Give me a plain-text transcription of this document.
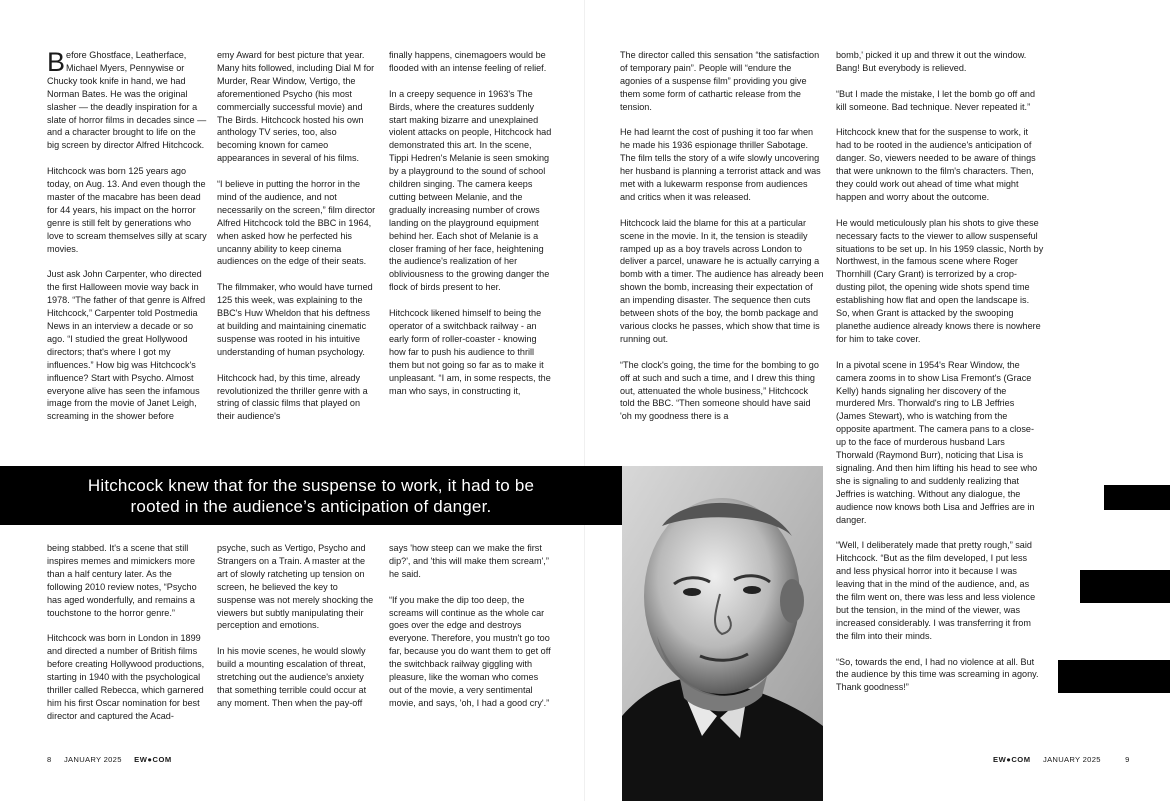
Before Ghostface, Leatherface, Michael Myers, Pennywise or Chucky took knife in hand, we had Norman Bates. He was the original slasher — the deadly inspiration for a slate of horror films in decades since — and a character brought to life on the big screen by director Alfred Hitchcock.

Hitchcock was born 125 years ago today, on Aug. 13. And even though the master of the macabre has been dead for 44 years, his impact on the horror genre is still felt by generations who love to scream themselves silly at scary movies.

Just ask John Carpenter, who directed the first Halloween movie way back in 1978. “The father of that genre is Alfred Hitchcock,” Carpenter told Postmedia News in an interview a decade or so ago. “I studied the great Hollywood directors; that's where I got my influences.” How big was Hitchcock's influence? Start with Psycho. Almost everyone alive has seen the infamous image from the movie of Janet Leigh, screaming in the shower before

emy Award for best picture that year. Many hits followed, including Dial M for Murder, Rear Window, Vertigo, the aforementioned Psycho (his most commercially successful movie) and The Birds. Hitchcock hosted his own anthology TV series, too, also becoming known for cameo appearances in several of his films.

“I believe in putting the horror in the mind of the audience, and not necessarily on the screen,” film director Alfred Hitchcock told the BBC in 1964, when asked how he perfected his uncanny ability to keep cinema audiences on the edge of their seats.

The filmmaker, who would have turned 125 this week, was explaining to the BBC's Huw Wheldon that his deftness at building and maintaining cinematic suspense was rooted in his intuitive understanding of human psychology.

Hitchcock had, by this time, already revolutionized the thriller genre with a string of classic films that played on their audience's

finally happens, cinemagoers would be flooded with an intense feeling of relief.

In a creepy sequence in 1963's The Birds, where the creatures suddenly start making bizarre and unexplained violent attacks on people, Hitchcock had demonstrated this art. In the scene, Tippi Hedren's Melanie is seen smoking by a playground to the sound of school children singing. The camera keeps cutting between Melanie, and the gradually increasing number of crows landing on the playground equipment behind her. Each shot of Melanie is a closer framing of her face, heightening the audience's realization of her obliviousness to the growing danger the flock of birds present to her.

Hitchcock likened himself to being the operator of a switchback railway - an early form of roller-coaster - knowing how far to push his audience to thrill them but not going so far as to make it unpleasant. “I am, in some respects, the man who says, in constructing it,

The director called this sensation “the satisfaction of temporary pain”. People will “endure the agonies of a suspense film” providing you give them some form of cathartic release from the tension.

He had learnt the cost of pushing it too far when he made his 1936 espionage thriller Sabotage. The film tells the story of a wife slowly uncovering her husband is planning a terrorist attack and was met with a lukewarm response from audiences and critics when it was released.

Hitchcock laid the blame for this at a particular scene in the movie. In it, the tension is steadily ramped up as a boy travels across London to deliver a parcel, unaware he is actually carrying a bomb with a timer. The audience has already been shown the bomb, increasing their expectation of an impending disaster. The sequence then cuts between shots of the boy, the bomb package and various clocks he passes, which show that time is running out.

“The clock's going, the time for the bombing to go off at such and such a time, and I drew this thing out, attenuated the whole business,” Hitchcock told the BBC. “Then someone should have said 'oh my goodness there is a

bomb,' picked it up and threw it out the window. Bang! But everybody is relieved.

“But I made the mistake, I let the bomb go off and kill someone. Bad technique. Never repeated it.”

Hitchcock knew that for the suspense to work, it had to be rooted in the audience's anticipation of danger. So, viewers needed to be aware of things that were unknown to the film's characters. Then, they could work out ahead of time what might happen and worry about the outcome.

He would meticulously plan his shots to give these necessary facts to the viewer to allow suspenseful situations to be set up. In his 1959 classic, North by Northwest, in the famous scene where Roger Thornhill (Cary Grant) is terrorized by a crop-dusting pilot, the opening wide shots spend time establishing how flat and open the landscape is. So, when Grant is attacked by the swooping planethe audience already knows there is nowhere for him to take cover.

In a pivotal scene in 1954's Rear Window, the camera zooms in to show Lisa Fremont's (Grace Kelly) hands signaling her discovery of the murdered Mrs. Thorwald's ring to LB Jeffries (James Stewart), who is watching from the opposite apartment. The camera pans to a close-up to the face of murderous husband Lars Thorwald (Raymond Burr), noticing that Lisa is signaling. And then him lifting his head to see who she is signaling to and suddenly realizing that Jeffries is watching. Without any dialogue, the audience now knows both Lisa and Jeffries are in danger.

“Well, I deliberately made that pretty rough,” said Hitchcock. “But as the film developed, I put less and less physical horror into it because I was leaving that in the mind of the audience, and, as the film went on, there was less and less violence but the tension, in the mind of the viewer, was increased considerably. I was transferring it from the film into their minds.

“So, towards the end, I had no violence at all. But the audience by this time was screaming in agony. Thank goodness!”

Hitchcock knew that for the suspense to work, it had to be
rooted in the audience’s anticipation of danger.

being stabbed. It's a scene that still inspires memes and mimickers more than a half century later. As the following 2010 review notes, “Psycho has aged wonderfully, and remains a touchstone to the horror genre.”

Hitchcock was born in London in 1899 and directed a number of British films before creating Hollywood productions, starting in 1940 with the psychological thriller called Rebecca, which garnered him his first Oscar nomination for best director and captured the Acad-

psyche, such as Vertigo, Psycho and Strangers on a Train. A master at the art of slowly ratcheting up tension on screen, he believed the key to suspense was not merely shocking the viewers but subtly manipulating their perception and emotions.

In his movie scenes, he would slowly build a mounting escalation of threat, stretching out the audience's anxiety that something terrible could occur at any moment. Then when the pay-off

says 'how steep can we make the first dip?', and 'this will make them scream',” he said.

“If you make the dip too deep, the screams will continue as the whole car goes over the edge and destroys everyone. Therefore, you mustn't go too far, because you do want them to get off the switchback railway giggling with pleasure, like the woman who comes out of the movie, a very sentimental movie, and says, 'oh, I had a good cry'.”

8 JANUARY 2025 EW●COM	EW●COM JANUARY 2025	9
